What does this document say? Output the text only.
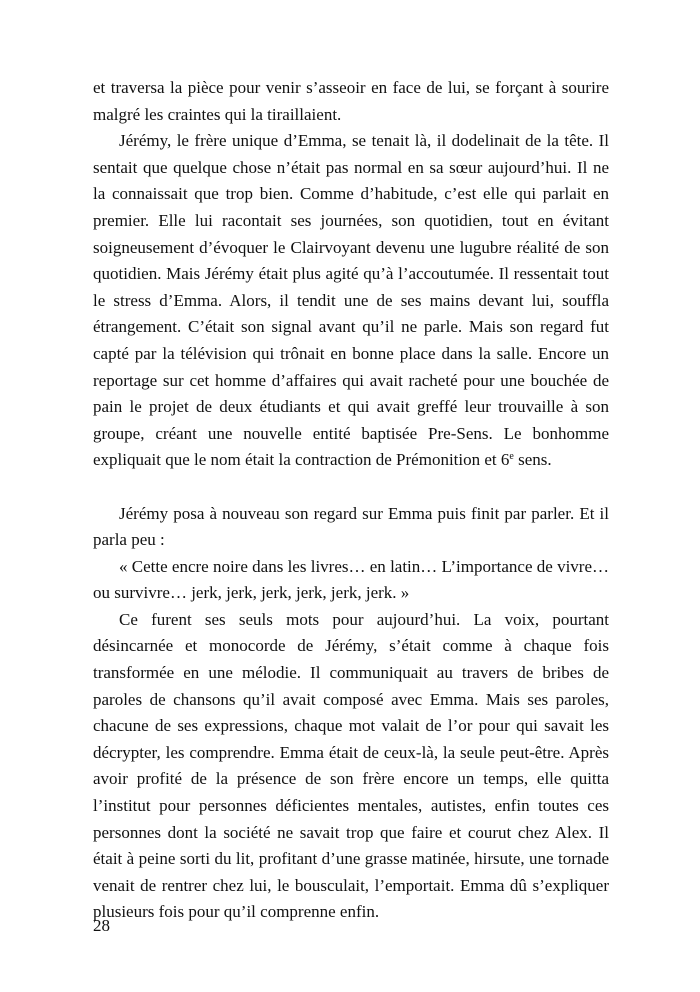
et traversa la pièce pour venir s’asseoir en face de lui, se forçant à sourire malgré les craintes qui la tiraillaient.

Jérémy, le frère unique d’Emma, se tenait là, il dodelinait de la tête. Il sentait que quelque chose n’était pas normal en sa sœur aujourd’hui. Il ne la connaissait que trop bien. Comme d’habitude, c’est elle qui parlait en premier. Elle lui racontait ses journées, son quotidien, tout en évitant soigneusement d’évoquer le Clairvoyant devenu une lugubre réalité de son quotidien. Mais Jérémy était plus agité qu’à l’accoutumée. Il ressentait tout le stress d’Emma. Alors, il tendit une de ses mains devant lui, souffla étrangement. C’était son signal avant qu’il ne parle. Mais son regard fut capté par la télévision qui trônait en bonne place dans la salle. Encore un reportage sur cet homme d’affaires qui avait racheté pour une bouchée de pain le projet de deux étudiants et qui avait greffé leur trouvaille à son groupe, créant une nouvelle entité baptisée Pre-Sens. Le bonhomme expliquait que le nom était la contraction de Prémonition et 6e sens.

Jérémy posa à nouveau son regard sur Emma puis finit par parler. Et il parla peu :

« Cette encre noire dans les livres… en latin… L’importance de vivre… ou survivre… jerk, jerk, jerk, jerk, jerk, jerk. »

Ce furent ses seuls mots pour aujourd’hui. La voix, pourtant désincarnée et monocorde de Jérémy, s’était comme à chaque fois transformée en une mélodie. Il communiquait au travers de bribes de paroles de chansons qu’il avait composé avec Emma. Mais ses paroles, chacune de ses expressions, chaque mot valait de l’or pour qui savait les décrypter, les comprendre. Emma était de ceux-là, la seule peut-être. Après avoir profité de la présence de son frère encore un temps, elle quitta l’institut pour personnes déficientes mentales, autistes, enfin toutes ces personnes dont la société ne savait trop que faire et courut chez Alex. Il était à peine sorti du lit, profitant d’une grasse matinée, hirsute, une tornade venait de rentrer chez lui, le bousculait, l’emportait. Emma dû s’expliquer plusieurs fois pour qu’il comprenne enfin.

28
